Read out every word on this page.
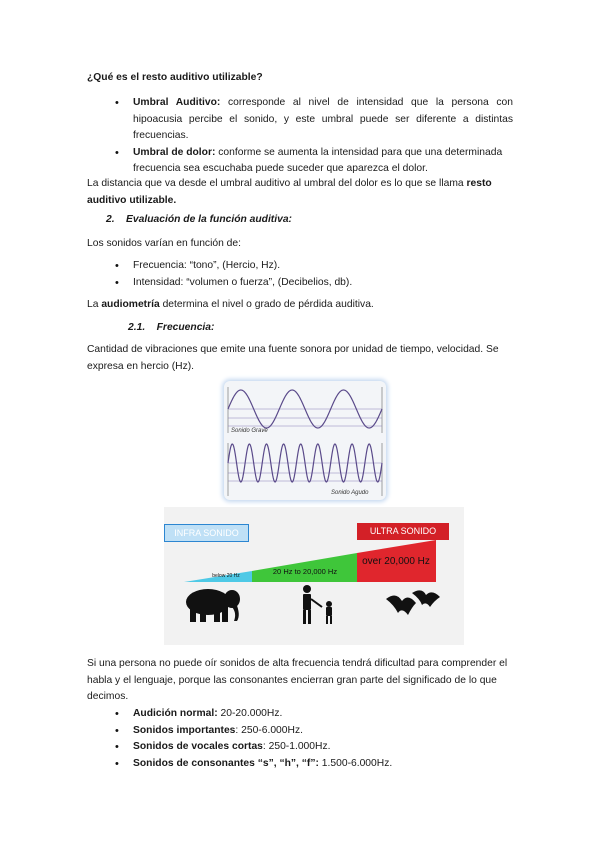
¿Qué es el resto auditivo utilizable?
• Umbral Auditivo: corresponde al nivel de intensidad que la persona con hipoacusia percibe el sonido, y este umbral puede ser diferente a distintas frecuencias.
• Umbral de dolor: conforme se aumenta la intensidad para que una determinada frecuencia sea escuchaba puede suceder que aparezca el dolor.
La distancia que va desde el umbral auditivo al umbral del dolor es lo que se llama resto auditivo utilizable.
2. Evaluación de la función auditiva:
Los sonidos varían en función de:
• Frecuencia: “tono”, (Hercio, Hz).
• Intensidad: “volumen o fuerza”, (Decibelios, db).
La audiometría determina el nivel o grado de pérdida auditiva.
2.1. Frecuencia:
Cantidad de vibraciones que emite una fuente sonora por unidad de tiempo, velocidad. Se expresa en hercio (Hz).
Sonido Grave
Sonido Agudo
INFRA SONIDO	ULTRA SONIDO
below 20 Hz	20 Hz to 20,000 Hz
over 20,000 Hz
Si una persona no puede oír sonidos de alta frecuencia tendrá dificultad para comprender el habla y el lenguaje, porque las consonantes encierran gran parte del significado de lo que decimos.
• Audición normal: 20-20.000Hz.
• Sonidos importantes: 250-6.000Hz.
• Sonidos de vocales cortas: 250-1.000Hz.
• Sonidos de consonantes “s”, “h”, “f”: 1.500-6.000Hz.
